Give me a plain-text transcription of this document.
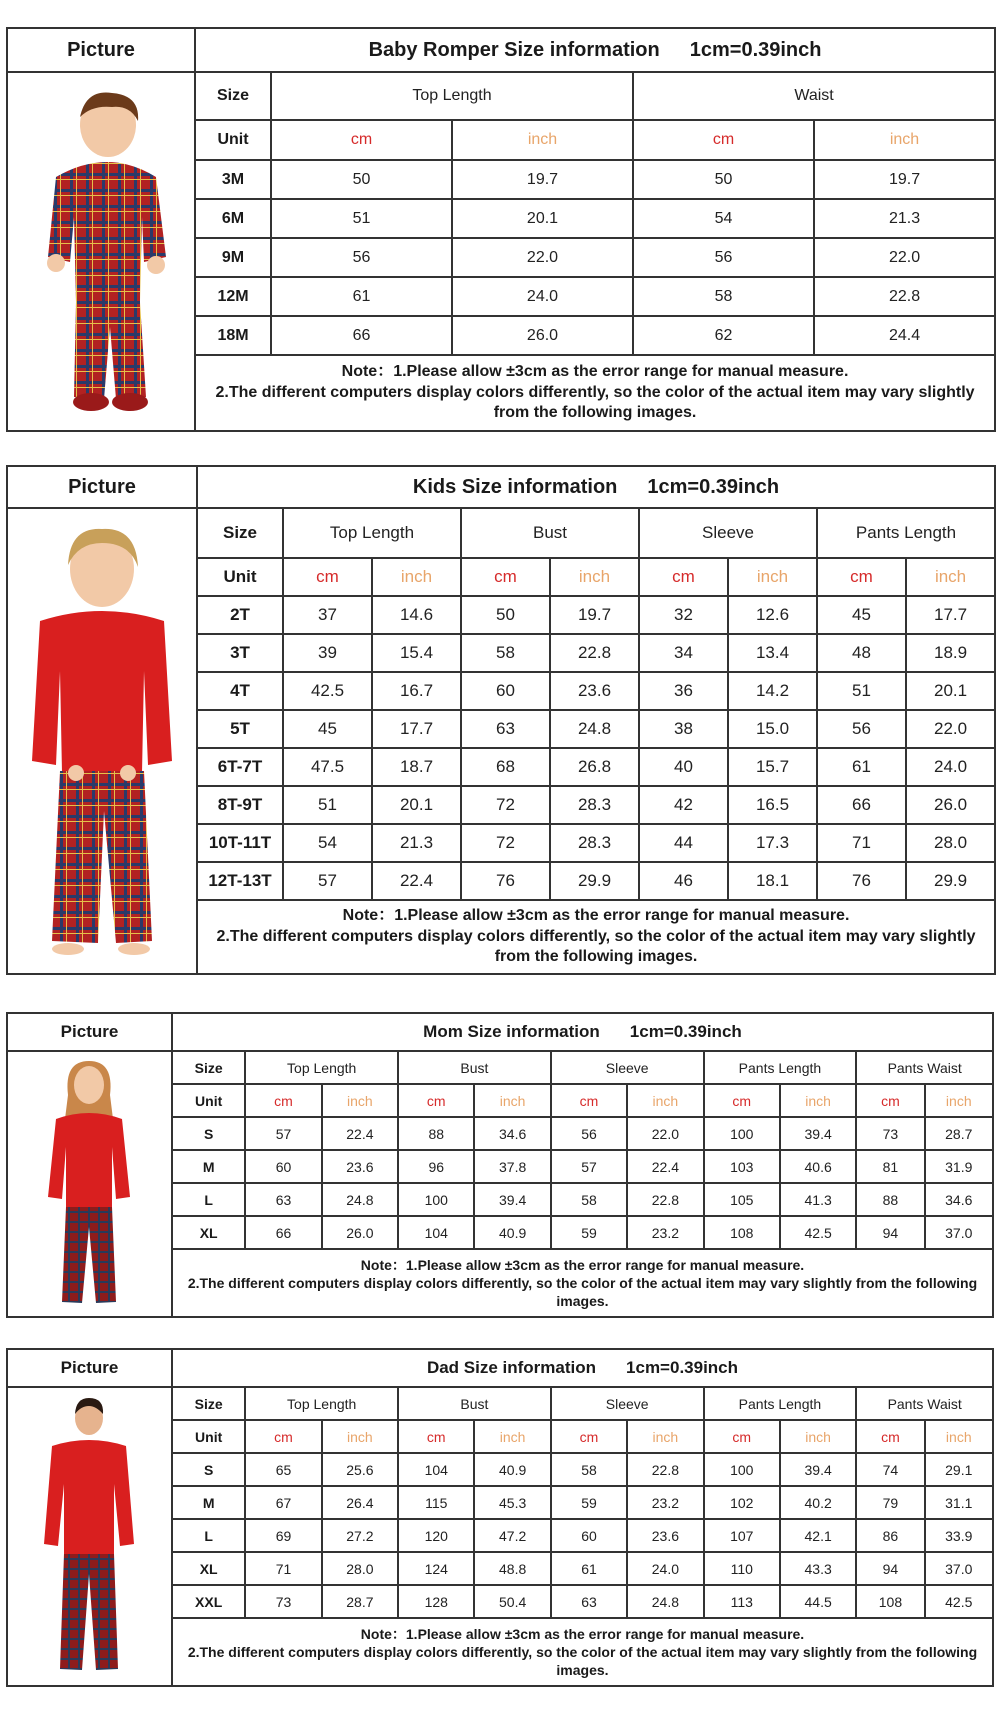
Picture	Baby Romper Size information 1cm=0.39inch				

	Size	Top Length		Waist	
	Unit	cm	inch	cm	inch
	3M	50	19.7	50	19.7
	6M	51	20.1	54	21.3
	9M	56	22.0	56	22.0
	12M	61	24.0	58	22.8
	18M	66	26.0	62	24.4

	Note：1.Please allow ±3cm as the error range for manual measure.
2.The different computers display colors differently, so the color of the actual item may vary slightly from the following images.				
Picture	Kids Size information 1cm=0.39inch								

	Size	Top Length		Bust		Sleeve		Pants Length	
	Unit	cm	inch	cm	inch	cm	inch	cm	inch
	2T	37	14.6	50	19.7	32	12.6	45	17.7
	3T	39	15.4	58	22.8	34	13.4	48	18.9
	4T	42.5	16.7	60	23.6	36	14.2	51	20.1
	5T	45	17.7	63	24.8	38	15.0	56	22.0
	6T-7T	47.5	18.7	68	26.8	40	15.7	61	24.0
	8T-9T	51	20.1	72	28.3	42	16.5	66	26.0
	10T-11T	54	21.3	72	28.3	44	17.3	71	28.0
	12T-13T	57	22.4	76	29.9	46	18.1	76	29.9

	Note：1.Please allow ±3cm as the error range for manual measure.
2.The different computers display colors differently, so the color of the actual item may vary slightly from the following images.								
Picture	Mom Size information 1cm=0.39inch										

	Size	Top Length		Bust		Sleeve		Pants Length		Pants Waist	
	Unit	cm	inch	cm	inch	cm	inch	cm	inch	cm	inch
	S	57	22.4	88	34.6	56	22.0	100	39.4	73	28.7
	M	60	23.6	96	37.8	57	22.4	103	40.6	81	31.9
	L	63	24.8	100	39.4	58	22.8	105	41.3	88	34.6
	XL	66	26.0	104	40.9	59	23.2	108	42.5	94	37.0

	Note：1.Please allow ±3cm as the error range for manual measure.
2.The different computers display colors differently, so the color of the actual item may vary slightly from the following images.										
Picture	Dad Size information 1cm=0.39inch										

	Size	Top Length		Bust		Sleeve		Pants Length		Pants Waist	
	Unit	cm	inch	cm	inch	cm	inch	cm	inch	cm	inch
	S	65	25.6	104	40.9	58	22.8	100	39.4	74	29.1
	M	67	26.4	115	45.3	59	23.2	102	40.2	79	31.1
	L	69	27.2	120	47.2	60	23.6	107	42.1	86	33.9
	XL	71	28.0	124	48.8	61	24.0	110	43.3	94	37.0
	XXL	73	28.7	128	50.4	63	24.8	113	44.5	108	42.5

	Note：1.Please allow ±3cm as the error range for manual measure.
2.The different computers display colors differently, so the color of the actual item may vary slightly from the following images.										
